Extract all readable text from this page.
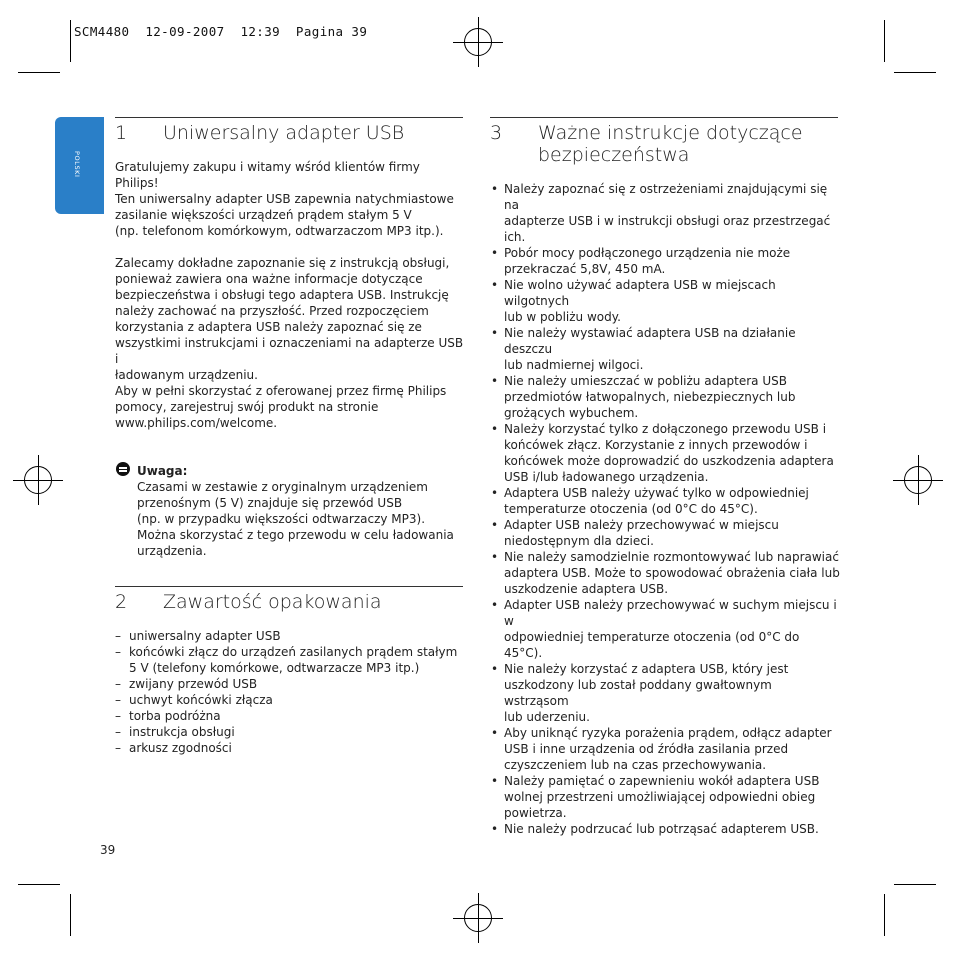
SCM4480  12-09-2007  12:39  Pagina 39
POLSKI
1 Uniwersalny adapter USB
Gratulujemy zakupu i witamy wśród klientów firmy Philips!
Ten uniwersalny adapter USB zapewnia natychmiastowe
zasilanie większości urządzeń prądem stałym 5 V
(np. telefonom komórkowym, odtwarzaczom MP3 itp.).
Zalecamy dokładne zapoznanie się z instrukcją obsługi,
ponieważ zawiera ona ważne informacje dotyczące
bezpieczeństwa i obsługi tego adaptera USB. Instrukcję
należy zachować na przyszłość. Przed rozpoczęciem
korzystania z adaptera USB należy zapoznać się ze
wszystkimi instrukcjami i oznaczeniami na adapterze USB i
ładowanym urządzeniu.
Aby w pełni skorzystać z oferowanej przez firmę Philips
pomocy, zarejestruj swój produkt na stronie
www.philips.com/welcome.
Uwaga:
Czasami w zestawie z oryginalnym urządzeniem
przenośnym (5 V) znajduje się przewód USB
(np. w przypadku większości odtwarzaczy MP3).
Można skorzystać z tego przewodu w celu ładowania
urządzenia.
2 Zawartość opakowania
– uniwersalny adapter USB
– końcówki złącz do urządzeń zasilanych prądem stałym
5 V (telefony komórkowe, odtwarzacze MP3 itp.)
– zwijany przewód USB
– uchwyt końcówki złącza
– torba podróżna
– instrukcja obsługi
– arkusz zgodności
3 Ważne instrukcje dotyczące
bezpieczeństwa
• Należy zapoznać się z ostrzeżeniami znajdującymi się na
adapterze USB i w instrukcji obsługi oraz przestrzegać ich.
• Pobór mocy podłączonego urządzenia nie może
przekraczać 5,8V, 450 mA.
• Nie wolno używać adaptera USB w miejscach wilgotnych
lub w pobliżu wody.
• Nie należy wystawiać adaptera USB na działanie deszczu
lub nadmiernej wilgoci.
• Nie należy umieszczać w pobliżu adaptera USB
przedmiotów łatwopalnych, niebezpiecznych lub
grożących wybuchem.
• Należy korzystać tylko z dołączonego przewodu USB i
końcówek złącz. Korzystanie z innych przewodów i
końcówek może doprowadzić do uszkodzenia adaptera
USB i/lub ładowanego urządzenia.
• Adaptera USB należy używać tylko w odpowiedniej
temperaturze otoczenia (od 0°C do 45°C).
• Adapter USB należy przechowywać w miejscu
niedostępnym dla dzieci.
• Nie należy samodzielnie rozmontowywać lub naprawiać
adaptera USB. Może to spowodować obrażenia ciała lub
uszkodzenie adaptera USB.
• Adapter USB należy przechowywać w suchym miejscu i w
odpowiedniej temperaturze otoczenia (od 0°C do 45°C).
• Nie należy korzystać z adaptera USB, który jest
uszkodzony lub został poddany gwałtownym wstrząsom
lub uderzeniu.
• Aby uniknąć ryzyka porażenia prądem, odłącz adapter
USB i inne urządzenia od źródła zasilania przed
czyszczeniem lub na czas przechowywania.
• Należy pamiętać o zapewnieniu wokół adaptera USB
wolnej przestrzeni umożliwiającej odpowiedni obieg
powietrza.
• Nie należy podrzucać lub potrząsać adapterem USB.
39
